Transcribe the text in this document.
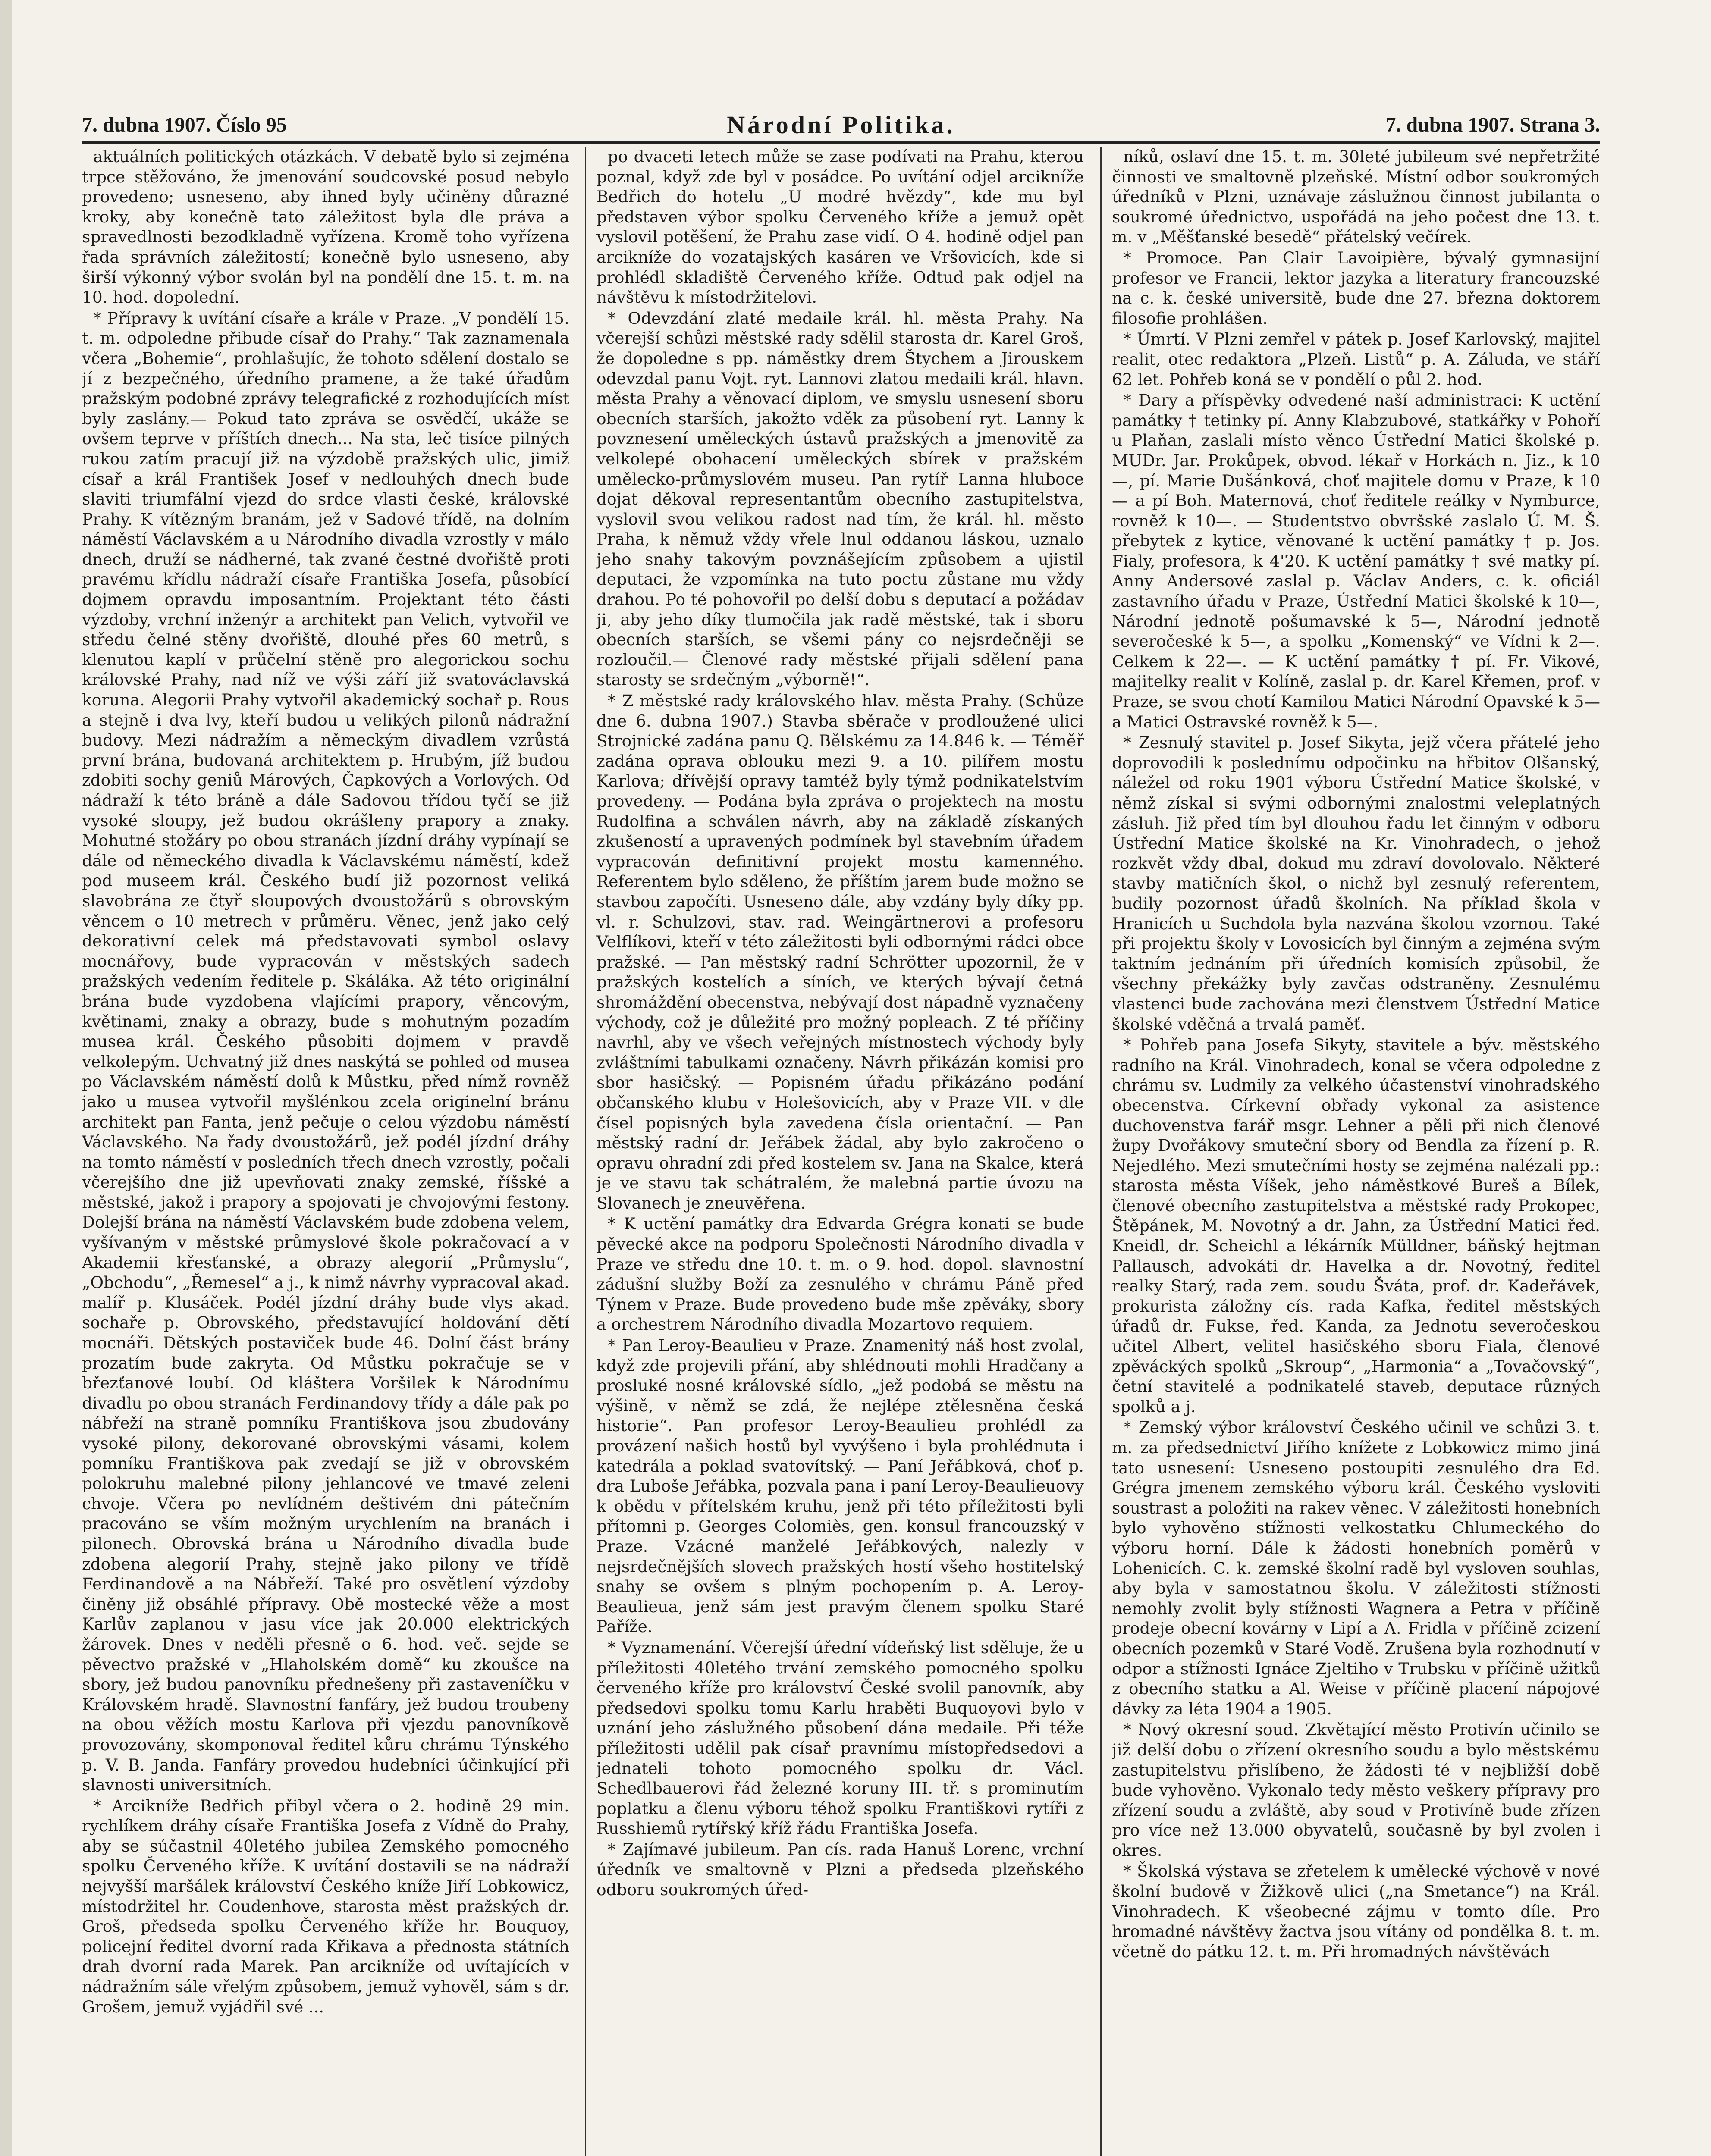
7. dubna 1907. Číslo 95	Národní Politika.	7. dubna 1907. Strana 3.

aktuálních politických otázkách. V debatě bylo si zejména trpce stěžováno, že jmenování soudcovské posud nebylo provedeno; usneseno, aby ihned byly učiněny důrazné kroky, aby konečně tato záležitost byla dle práva a spravedlnosti bezodkladně vyřízena. Kromě toho vyřízena řada správních záležitostí; konečně bylo usneseno, aby širší výkonný výbor svolán byl na pondělí dne 15. t. m. na 10. hod. dopolední.

* Přípravy k uvítání císaře a krále v Praze. „V pondělí 15. t. m. odpoledne přibude císař do Prahy.“ Tak zaznamenala včera „Bohemie“, prohlašujíc, že tohoto sdělení dostalo se jí z bezpečného, úředního pramene, a že také úřadům pražským podobné zprávy telegrafické z rozhodujících míst byly zaslány.— Pokud tato zpráva se osvědčí, ukáže se ovšem teprve v příštích dnech... Na sta, leč tisíce pilných rukou zatím pracují již na výzdobě pražských ulic, jimiž císař a král František Josef v nedlouhých dnech bude slaviti triumfální vjezd do srdce vlasti české, královské Prahy. K vítězným branám, jež v Sadové třídě, na dolním náměstí Václavském a u Národního divadla vzrostly v málo dnech, druží se nádherné, tak zvané čestné dvořiště proti pravému křídlu nádraží císaře Františka Josefa, působící dojmem opravdu imposantním. Projektant této části výzdoby, vrchní inženýr a architekt pan Velich, vytvořil ve středu čelné stěny dvořiště, dlouhé přes 60 metrů, s klenutou kaplí v průčelní stěně pro alegorickou sochu královské Prahy, nad níž ve výši září již svatováclavská koruna. Alegorii Prahy vytvořil akademický sochař p. Rous a stejně i dva lvy, kteří budou u velikých pilonů nádražní budovy. Mezi nádražím a německým divadlem vzrůstá první brána, budovaná architektem p. Hrubým, jíž budou zdobiti sochy geniů Márových, Čapkových a Vorlových. Od nádraží k této bráně a dále Sadovou třídou tyčí se již vysoké sloupy, jež budou okrášleny prapory a znaky. Mohutné stožáry po obou stranách jízdní dráhy vypínají se dále od německého divadla k Václavskému náměstí, kdež pod museem král. Českého budí již pozornost veliká slavobrána ze čtyř sloupových dvoustožárů s obrovským věncem o 10 metrech v průměru. Věnec, jenž jako celý dekorativní celek má představovati symbol oslavy mocnářovy, bude vypracován v městských sadech pražských vedením ředitele p. Skáláka. Až této originální brána bude vyzdobena vlajícími prapory, věncovým, květinami, znaky a obrazy, bude s mohutným pozadím musea král. Českého působiti dojmem v pravdě velkolepým. Uchvatný již dnes naskýtá se pohled od musea po Václavském náměstí dolů k Můstku, před nímž rovněž jako u musea vytvořil myšlénkou zcela originelní bránu architekt pan Fanta, jenž pečuje o celou výzdobu náměstí Václavského. Na řady dvoustožárů, jež podél jízdní dráhy na tomto náměstí v posledních třech dnech vzrostly, počali včerejšího dne již upevňovati znaky zemské, říšské a městské, jakož i prapory a spojovati je chvojovými festony. Dolejší brána na náměstí Václavském bude zdobena velem, vyšívaným v městské průmyslové škole pokračovací a v Akademii křesťanské, a obrazy alegorií „Průmyslu“, „Obchodu“, „Řemesel“ a j., k nimž návrhy vypracoval akad. malíř p. Klusáček. Podél jízdní dráhy bude vlys akad. sochaře p. Obrovského, představující holdování dětí mocnáři. Dětských postaviček bude 46. Dolní část brány prozatím bude zakryta. Od Můstku pokračuje se v březťanové loubí. Od kláštera Voršilek k Národnímu divadlu po obou stranách Ferdinandovy třídy a dále pak po nábřeží na straně pomníku Františkova jsou zbudovány vysoké pilony, dekorované obrovskými vásami, kolem pomníku Františkova pak zvedají se již v obrovském polokruhu malebné pilony jehlancové ve tmavé zeleni chvoje. Včera po nevlídném deštivém dni pátečním pracováno se vším možným urychlením na branách i pilonech. Obrovská brána u Národního divadla bude zdobena alegorií Prahy, stejně jako pilony ve třídě Ferdinandově a na Nábřeží. Také pro osvětlení výzdoby činěny již obsáhlé přípravy. Obě mostecké věže a most Karlův zaplanou v jasu více jak 20.000 elektrických žárovek. Dnes v neděli přesně o 6. hod. več. sejde se pěvectvo pražské v „Hlaholském domě“ ku zkoušce na sbory, jež budou panovníku přednešeny při zastaveníčku v Královském hradě. Slavnostní fanfáry, jež budou troubeny na obou věžích mostu Karlova při vjezdu panovníkově provozovány, skomponoval ředitel kůru chrámu Týnského p. V. B. Janda. Fanfáry provedou hudebníci účinkující při slavnosti universitních.

* Arcikníže Bedřich přibyl včera o 2. hodině 29 min. rychlíkem dráhy císaře Františka Josefa z Vídně do Prahy, aby se súčastnil 40letého jubilea Zemského pomocného spolku Červeného kříže. K uvítání dostavili se na nádraží nejvyšší maršálek království Českého kníže Jiří Lobkowicz, místodržitel hr. Coudenhove, starosta měst pražských dr. Groš, předseda spolku Červeného kříže hr. Bouquoy, policejní ředitel dvorní rada Křikava a přednosta státních drah dvorní rada Marek. Pan arcikníže od uvítajících v nádražním sále vřelým způsobem, jemuž vyhověl, sám s dr. Grošem, jemuž vyjádřil své ...

po dvaceti letech může se zase podívati na Prahu, kterou poznal, když zde byl v posádce. Po uvítání odjel arcikníže Bedřich do hotelu „U modré hvězdy“, kde mu byl představen výbor spolku Červeného kříže a jemuž opět vyslovil potěšení, že Prahu zase vidí. O 4. hodině odjel pan arcikníže do vozatajských kasáren ve Vršovicích, kde si prohlédl skladiště Červeného kříže. Odtud pak odjel na návštěvu k místodržitelovi.

* Odevzdání zlaté medaile král. hl. města Prahy. Na včerejší schůzi městské rady sdělil starosta dr. Karel Groš, že dopoledne s pp. náměstky drem Štychem a Jirouskem odevzdal panu Vojt. ryt. Lannovi zlatou medaili král. hlavn. města Prahy a věnovací diplom, ve smyslu usnesení sboru obecních starších, jakožto vděk za působení ryt. Lanny k povznesení uměleckých ústavů pražských a jmenovitě za velkolepé obohacení uměleckých sbírek v pražském umělecko-průmyslovém museu. Pan rytíř Lanna hluboce dojat děkoval representantům obecního zastupitelstva, vyslovil svou velikou radost nad tím, že král. hl. město Praha, k němuž vždy vřele lnul oddanou láskou, uznalo jeho snahy takovým povznášejícím způsobem a ujistil deputaci, že vzpomínka na tuto poctu zůstane mu vždy drahou. Po té pohovořil po delší dobu s deputací a požádav ji, aby jeho díky tlumočila jak radě městské, tak i sboru obecních starších, se všemi pány co nejsrdečněji se rozloučil.— Členové rady městské přijali sdělení pana starosty se srdečným „výborně!“.

* Z městské rady královského hlav. města Prahy. (Schůze dne 6. dubna 1907.) Stavba sběrače v prodloužené ulici Strojnické zadána panu Q. Bělskému za 14.846 k. — Téměř zadána oprava oblouku mezi 9. a 10. pilířem mostu Karlova; dřívější opravy tamtéž byly týmž podnikatelstvím provedeny. — Podána byla zpráva o projektech na mostu Rudolfina a schválen návrh, aby na základě získaných zkušeností a upravených podmínek byl stavebním úřadem vypracován definitivní projekt mostu kamenného. Referentem bylo sděleno, že příštím jarem bude možno se stavbou započíti. Usneseno dále, aby vzdány byly díky pp. vl. r. Schulzovi, stav. rad. Weingärtnerovi a profesoru Velflíkovi, kteří v této záležitosti byli odbornými rádci obce pražské. — Pan městský radní Schrötter upozornil, že v pražských kostelích a síních, ve kterých bývají četná shromáždění obecenstva, nebývají dost nápadně vyznačeny východy, což je důležité pro možný popleach. Z té příčiny navrhl, aby ve všech veřejných místnostech východy byly zvláštními tabulkami označeny. Návrh přikázán komisi pro sbor hasičský. — Popisném úřadu přikázáno podání občanského klubu v Holešovicích, aby v Praze VII. v dle čísel popisných byla zavedena čísla orientační. — Pan městský radní dr. Jeřábek žádal, aby bylo zakročeno o opravu ohradní zdi před kostelem sv. Jana na Skalce, která je ve stavu tak schátralém, že malebná partie úvozu na Slovanech je zneuvěřena.

* K uctění památky dra Edvarda Grégra konati se bude pěvecké akce na podporu Společnosti Národního divadla v Praze ve středu dne 10. t. m. o 9. hod. dopol. slavnostní zádušní služby Boží za zesnulého v chrámu Páně před Týnem v Praze. Bude provedeno bude mše zpěváky, sbory a orchestrem Národního divadla Mozartovo requiem.

* Pan Leroy-Beaulieu v Praze. Znamenitý náš host zvolal, když zde projevili přání, aby shlédnouti mohli Hradčany a prosluké nosné královské sídlo, „jež podobá se městu na výšině, v němž se zdá, že nejlépe ztělesněna česká historie“. Pan profesor Leroy-Beaulieu prohlédl za provázení našich hostů byl vyvýšeno i byla prohlédnuta i katedrála a poklad svatovítský. — Paní Jeřábková, choť p. dra Luboše Jeřábka, pozvala pana i paní Leroy-Beaulieuovy k obědu v přítelském kruhu, jenž při této příležitosti byli přítomni p. Georges Colomiès, gen. konsul francouzský v Praze. Vzácné manželé Jeřábkových, nalezly v nejsrdečnějších slovech pražských hostí všeho hostitelský snahy se ovšem s plným pochopením p. A. Leroy-Beaulieua, jenž sám jest pravým členem spolku Staré Paříže.

* Vyznamenání. Včerejší úřední vídeňský list sděluje, že u příležitosti 40letého trvání zemského pomocného spolku červeného kříže pro království České svolil panovník, aby předsedovi spolku tomu Karlu hraběti Buquoyovi bylo v uznání jeho záslužného působení dána medaile. Při téže příležitosti udělil pak císař pravnímu místopředsedovi a jednateli tohoto pomocného spolku dr. Václ. Schedlbauerovi řád železné koruny III. tř. s prominutím poplatku a členu výboru téhož spolku Františkovi rytíři z Russhiemů rytířský kříž řádu Františka Josefa.

* Zajímavé jubileum. Pan cís. rada Hanuš Lorenc, vrchní úředník ve smaltovně v Plzni a předseda plzeňského odboru soukromých úřed-

níků, oslaví dne 15. t. m. 30leté jubileum své nepřetržité činnosti ve smaltovně plzeňské. Místní odbor soukromých úředníků v Plzni, uznávaje záslužnou činnost jubilanta o soukromé úřednictvo, uspořádá na jeho počest dne 13. t. m. v „Měšťanské besedě“ přátelský večírek.

* Promoce. Pan Clair Lavoipière, bývalý gymnasijní profesor ve Francii, lektor jazyka a literatury francouzské na c. k. české universitě, bude dne 27. března doktorem filosofie prohlášen.

* Úmrtí. V Plzni zemřel v pátek p. Josef Karlovský, majitel realit, otec redaktora „Plzeň. Listů“ p. A. Záluda, ve stáří 62 let. Pohřeb koná se v pondělí o půl 2. hod.

* Dary a příspěvky odvedené naší administraci: K uctění památky † tetinky pí. Anny Klabzubové, statkářky v Pohoří u Plaňan, zaslali místo věnco Ústřední Matici školské p. MUDr. Jar. Prokůpek, obvod. lékař v Horkách n. Jiz., k 10—, pí. Marie Dušánková, choť majitele domu v Praze, k 10— a pí Boh. Maternová, choť ředitele reálky v Nymburce, rovněž k 10—. — Studentstvo obvršské zaslalo Ú. M. Š. přebytek z kytice, věnované k uctění památky † p. Jos. Fialy, profesora, k 4'20. K uctění památky † své matky pí. Anny Andersové zaslal p. Václav Anders, c. k. oficiál zastavního úřadu v Praze, Ústřední Matici školské k 10—, Národní jednotě pošumavské k 5—, Národní jednotě severočeské k 5—, a spolku „Komenský“ ve Vídni k 2—. Celkem k 22—. — K uctění památky † pí. Fr. Vikové, majitelky realit v Kolíně, zaslal p. dr. Karel Křemen, prof. v Praze, se svou chotí Kamilou Matici Národní Opavské k 5— a Matici Ostravské rovněž k 5—.

* Zesnulý stavitel p. Josef Sikyta, jejž včera přátelé jeho doprovodili k poslednímu odpočinku na hřbitov Olšanský, náležel od roku 1901 výboru Ústřední Matice školské, v němž získal si svými odbornými znalostmi veleplatných zásluh. Již před tím byl dlouhou řadu let činným v odboru Ústřední Matice školské na Kr. Vinohradech, o jehož rozkvět vždy dbal, dokud mu zdraví dovolovalo. Některé stavby matičních škol, o nichž byl zesnulý referentem, budily pozornost úřadů školních. Na příklad škola v Hranicích u Suchdola byla nazvána školou vzornou. Také při projektu školy v Lovosicích byl činným a zejména svým taktním jednáním při úředních komisích způsobil, že všechny překážky byly zavčas odstraněny. Zesnulému vlastenci bude zachována mezi členstvem Ústřední Matice školské vděčná a trvalá paměť.

* Pohřeb pana Josefa Sikyty, stavitele a býv. městského radního na Král. Vinohradech, konal se včera odpoledne z chrámu sv. Ludmily za velkého účastenství vinohradského obecenstva. Církevní obřady vykonal za asistence duchovenstva farář msgr. Lehner a pěli při nich členové župy Dvořákovy smuteční sbory od Bendla za řízení p. R. Nejedlého. Mezi smutečními hosty se zejména nalézali pp.: starosta města Víšek, jeho náměstkové Bureš a Bílek, členové obecního zastupitelstva a městské rady Prokopec, Štěpánek, M. Novotný a dr. Jahn, za Ústřední Matici řed. Kneidl, dr. Scheichl a lékárník Mülldner, báňský hejtman Pallausch, advokáti dr. Havelka a dr. Novotný, ředitel realky Starý, rada zem. soudu Šváta, prof. dr. Kadeřávek, prokurista záložny cís. rada Kafka, ředitel městských úřadů dr. Fukse, řed. Kanda, za Jednotu severočeskou učitel Albert, velitel hasičského sboru Fiala, členové zpěváckých spolků „Skroup“, „Harmonia“ a „Tovačovský“, četní stavitelé a podnikatelé staveb, deputace různých spolků a j.

* Zemský výbor království Českého učinil ve schůzi 3. t. m. za předsednictví Jiřího knížete z Lobkowicz mimo jiná tato usnesení: Usneseno postoupiti zesnulého dra Ed. Grégra jmenem zemského výboru král. Českého vysloviti soustrast a položiti na rakev věnec. V záležitosti honebních bylo vyhověno stížnosti velkostatku Chlumeckého do výboru horní. Dále k žádosti honebních poměrů v Lohenicích. C. k. zemské školní radě byl vysloven souhlas, aby byla v samostatnou školu. V záležitosti stížnosti nemohly zvolit byly stížnosti Wagnera a Petra v příčině prodeje obecní kovárny v Lipí a A. Fridla v příčině zcizení obecních pozemků v Staré Vodě. Zrušena byla rozhodnutí v odpor a stížnosti Ignáce Zjeltiho v Trubsku v příčině užitků z obecního statku a Al. Weise v příčině placení nápojové dávky za léta 1904 a 1905.

* Nový okresní soud. Zkvětající město Protivín učinilo se již delší dobu o zřízení okresního soudu a bylo městskému zastupitelstvu přislíbeno, že žádosti té v nejbližší době bude vyhověno. Vykonalo tedy město veškery přípravy pro zřízení soudu a zvláště, aby soud v Protivíně bude zřízen pro více než 13.000 obyvatelů, současně by byl zvolen i okres.

* Školská výstava se zřetelem k umělecké výchově v nové školní budově v Žižkově ulici („na Smetance“) na Král. Vinohradech. K všeobecné zájmu v tomto díle. Pro hromadné návštěvy žactva jsou vítány od pondělka 8. t. m. včetně do pátku 12. t. m. Při hromadných návštěvách
